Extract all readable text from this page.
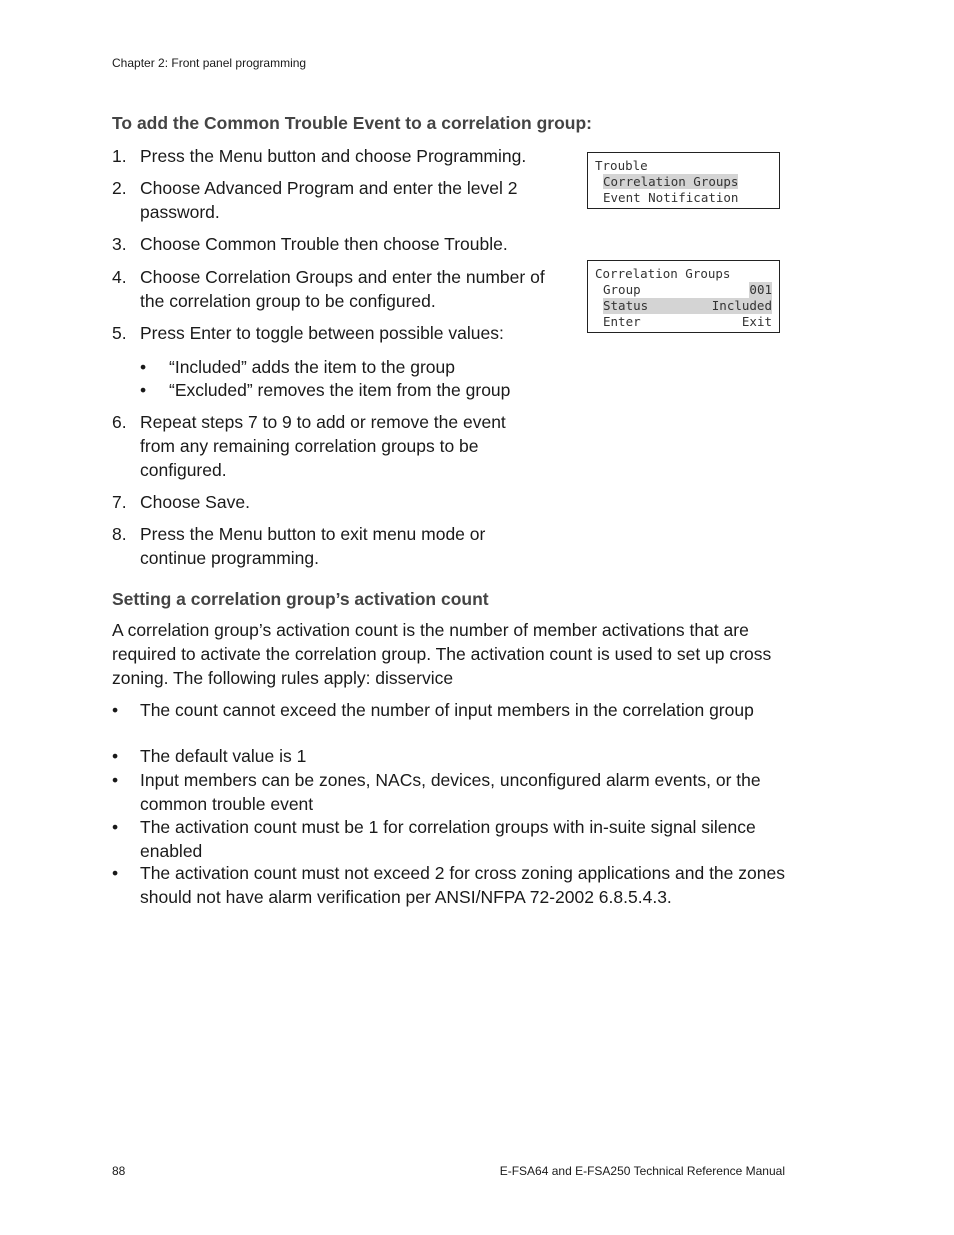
Chapter 2: Front panel programming
To add the Common Trouble Event to a correlation group:
1. Press the Menu button and choose Programming.
2. Choose Advanced Program and enter the level 2 password.
3. Choose Common Trouble then choose Trouble.
4. Choose Correlation Groups and enter the number of the correlation group to be configured.
5. Press Enter to toggle between possible values:
• “Included” adds the item to the group
• “Excluded” removes the item from the group
6. Repeat steps 7 to 9 to add or remove the event from any remaining correlation groups to be configured.
7. Choose Save.
8. Press the Menu button to exit menu mode or continue programming.
Trouble
Correlation Groups
Event Notification
Correlation Groups
Group	001
Status	Included
Enter	Exit
Setting a correlation group’s activation count
A correlation group’s activation count is the number of member activations that are required to activate the correlation group. The activation count is used to set up cross zoning. The following rules apply: disservice
• The count cannot exceed the number of input members in the correlation group
• The default value is 1
• Input members can be zones, NACs, devices, unconfigured alarm events, or the common trouble event
• The activation count must be 1 for correlation groups with in-suite signal silence enabled
• The activation count must not exceed 2 for cross zoning applications and the zones should not have alarm verification per ANSI/NFPA 72-2002 6.8.5.4.3.
88	E-FSA64 and E-FSA250 Technical Reference Manual
